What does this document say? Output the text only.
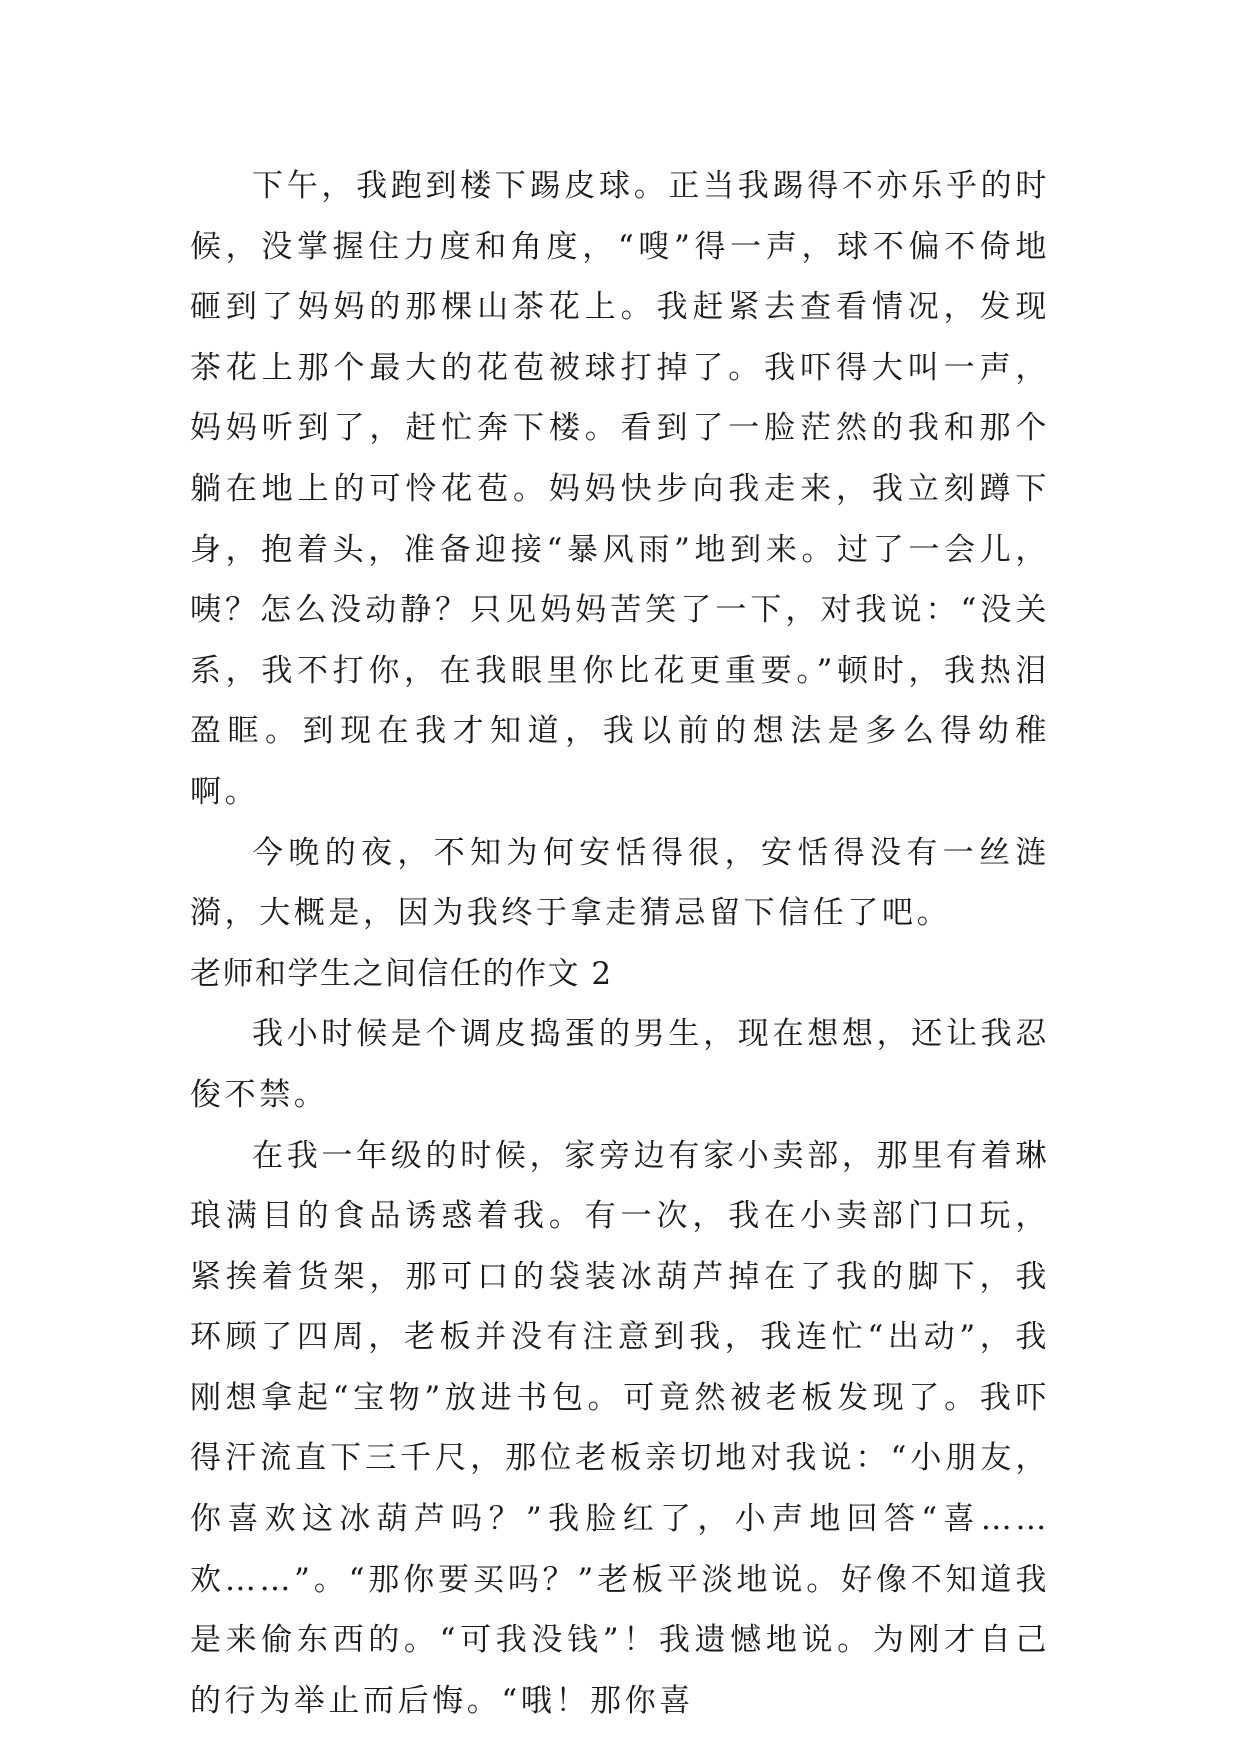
下午，我跑到楼下踢皮球。正当我踢得不亦乐乎的时候，没掌握住力度和角度，“嗖”得一声，球不偏不倚地砸到了妈妈的那棵山茶花上。我赶紧去查看情况，发现茶花上那个最大的花苞被球打掉了。我吓得大叫一声，妈妈听到了，赶忙奔下楼。看到了一脸茫然的我和那个躺在地上的可怜花苞。妈妈快步向我走来，我立刻蹲下身，抱着头，准备迎接“暴风雨”地到来。过了一会儿，咦？怎么没动静？只见妈妈苦笑了一下，对我说：“没关系，我不打你，在我眼里你比花更重要。”顿时，我热泪盈眶。到现在我才知道，我以前的想法是多么得幼稚啊。

今晚的夜，不知为何安恬得很，安恬得没有一丝涟漪，大概是，因为我终于拿走猜忌留下信任了吧。

老师和学生之间信任的作文 2

我小时候是个调皮捣蛋的男生，现在想想，还让我忍俊不禁。

在我一年级的时候，家旁边有家小卖部，那里有着琳琅满目的食品诱惑着我。有一次，我在小卖部门口玩，紧挨着货架，那可口的袋装冰葫芦掉在了我的脚下，我环顾了四周，老板并没有注意到我，我连忙“出动”，我刚想拿起“宝物”放进书包。可竟然被老板发现了。我吓得汗流直下三千尺，那位老板亲切地对我说：“小朋友，你喜欢这冰葫芦吗？”我脸红了，小声地回答“喜……欢……”。“那你要买吗？”老板平淡地说。好像不知道我是来偷东西的。“可我没钱”！我遗憾地说。为刚才自己的行为举止而后悔。“哦！那你喜
